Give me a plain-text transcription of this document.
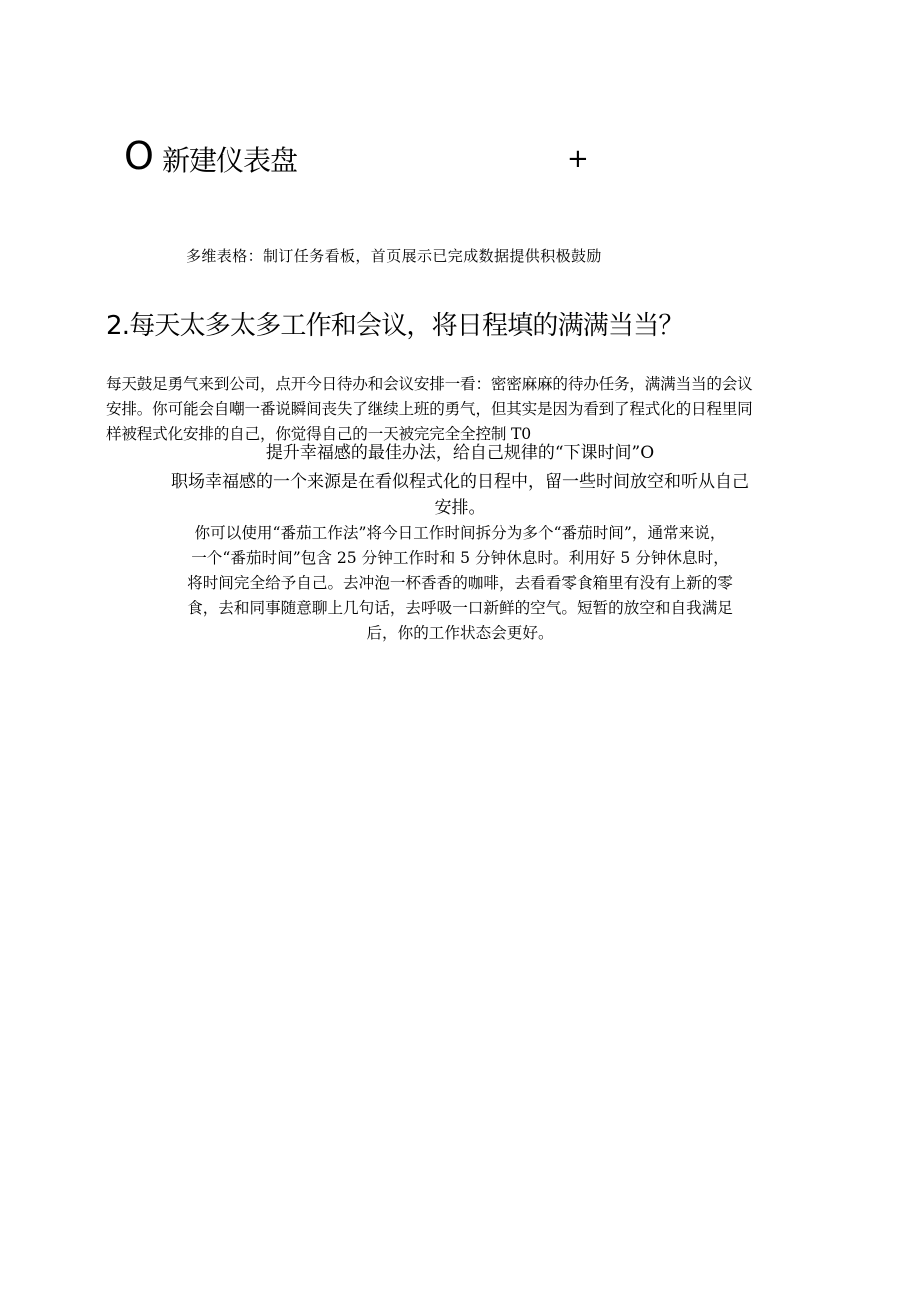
O 新建仪表盘	+
多维表格：制订任务看板，首页展示已完成数据提供积极鼓励
2.每天太多太多工作和会议，将日程填的满满当当？
每天鼓足勇气来到公司，点开今日待办和会议安排一看：密密麻麻的待办任务，满满当当的会议
安排。你可能会自嘲一番说瞬间丧失了继续上班的勇气，但其实是因为看到了程式化的日程里同
样被程式化安排的自己，你觉得自己的一天被完完全全控制 T0
提升幸福感的最佳办法，给自己规律的“下课时间”O
职场幸福感的一个来源是在看似程式化的日程中，留一些时间放空和听从自己
安排。
你可以使用“番茄工作法”将今日工作时间拆分为多个“番茄时间”，通常来说，
一个“番茄时间”包含 25 分钟工作时和 5 分钟休息时。利用好 5 分钟休息时，
将时间完全给予自己。去冲泡一杯香香的咖啡，去看看零食箱里有没有上新的零
食，去和同事随意聊上几句话，去呼吸一口新鲜的空气。短暂的放空和自我满足
后，你的工作状态会更好。
